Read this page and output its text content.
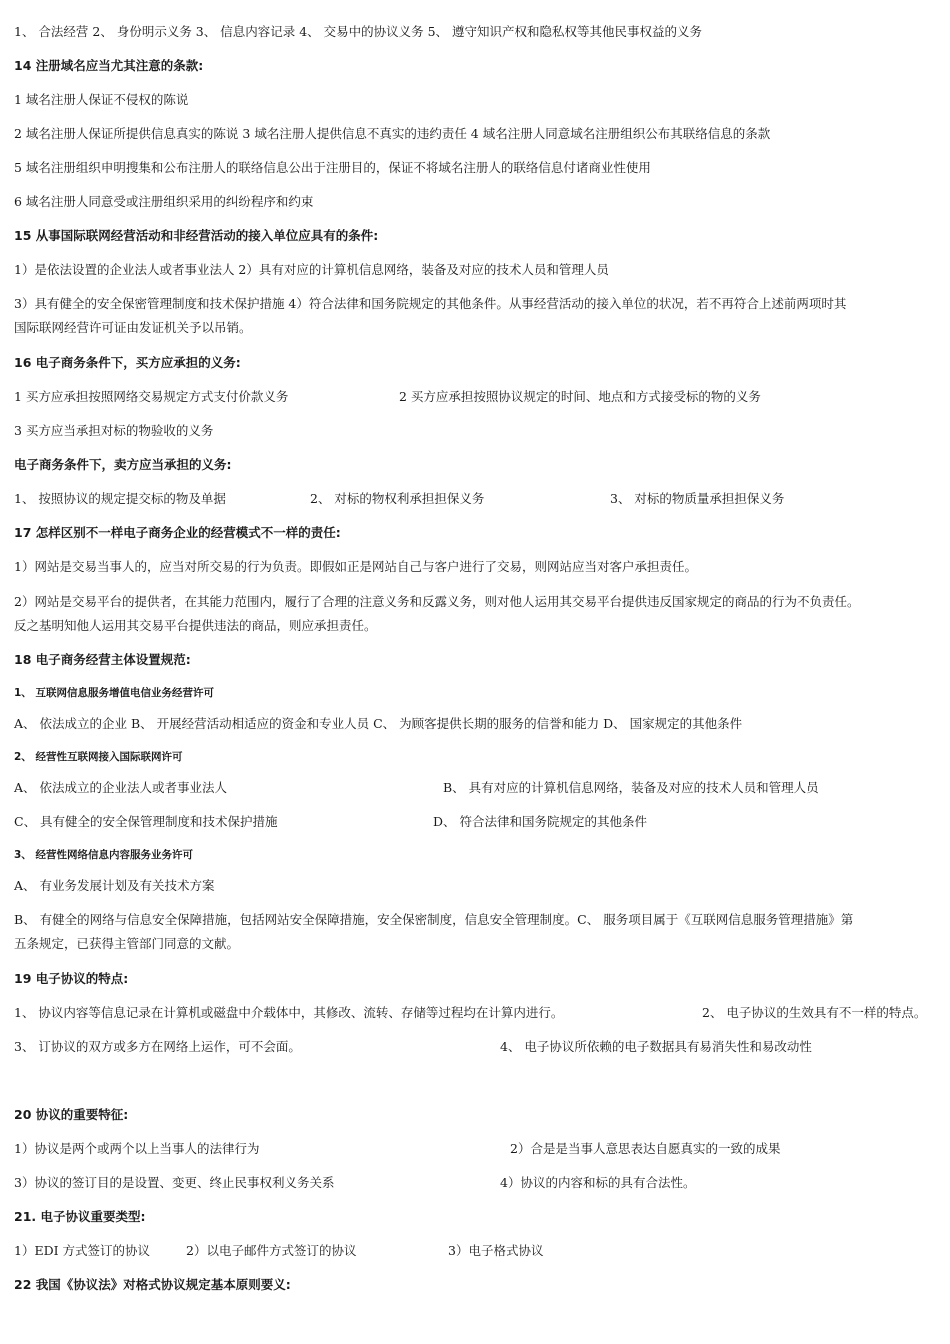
1、 合法经营 2、 身份明示义务 3、 信息内容记录 4、 交易中的协议义务 5、 遵守知识产权和隐私权等其他民事权益的义务
14 注册域名应当尤其注意的条款:
1 域名注册人保证不侵权的陈说
2 域名注册人保证所提供信息真实的陈说 3 域名注册人提供信息不真实的违约责任 4 域名注册人同意域名注册组织公布其联络信息的条款
5 域名注册组织申明搜集和公布注册人的联络信息公出于注册目的，保证不将域名注册人的联络信息付诸商业性使用
6 域名注册人同意受或注册组织采用的纠纷程序和约束
15 从事国际联网经营活动和非经营活动的接入单位应具有的条件:
1）是依法设置的企业法人或者事业法人 2）具有对应的计算机信息网络，装备及对应的技术人员和管理人员
3）具有健全的安全保密管理制度和技术保护措施 4）符合法律和国务院规定的其他条件。从事经营活动的接入单位的状况，若不再符合上述前两项时其
国际联网经营许可证由发证机关予以吊销。
16 电子商务条件下，买方应承担的义务:
1 买方应承担按照网络交易规定方式支付价款义务	2 买方应承担按照协议规定的时间、地点和方式接受标的物的义务
3 买方应当承担对标的物验收的义务
电子商务条件下，卖方应当承担的义务:
1、 按照协议的规定提交标的物及单据	2、 对标的物权利承担担保义务	3、 对标的物质量承担担保义务
17 怎样区别不一样电子商务企业的经营模式不一样的责任:
1）网站是交易当事人的，应当对所交易的行为负责。即假如正是网站自己与客户进行了交易，则网站应当对客户承担责任。
2）网站是交易平台的提供者，在其能力范围内，履行了合理的注意义务和反露义务，则对他人运用其交易平台提供违反国家规定的商品的行为不负责任。
反之基明知他人运用其交易平台提供违法的商品，则应承担责任。
18 电子商务经营主体设置规范:
1、 互联网信息服务增值电信业务经营许可
A、 依法成立的企业 B、 开展经营活动相适应的资金和专业人员 C、 为顾客提供长期的服务的信誉和能力 D、 国家规定的其他条件
2、 经营性互联网接入国际联网许可
A、 依法成立的企业法人或者事业法人	B、 具有对应的计算机信息网络，装备及对应的技术人员和管理人员
C、 具有健全的安全保管理制度和技术保护措施	D、 符合法律和国务院规定的其他条件
3、 经营性网络信息内容服务业务许可
A、 有业务发展计划及有关技术方案
B、 有健全的网络与信息安全保障措施，包括网站安全保障措施，安全保密制度，信息安全管理制度。C、 服务项目属于《互联网信息服务管理措施》第
五条规定，已获得主管部门同意的文献。
19 电子协议的特点:
1、 协议内容等信息记录在计算机或磁盘中介载体中，其修改、流转、存储等过程均在计算内进行。	2、 电子协议的生效具有不一样的特点。
3、 订协议的双方或多方在网络上运作，可不会面。	4、 电子协议所依赖的电子数据具有易消失性和易改动性
20 协议的重要特征:
1）协议是两个或两个以上当事人的法律行为	2）合是是当事人意思表达自愿真实的一致的成果
3）协议的签订目的是设置、变更、终止民事权利义务关系	4）协议的内容和标的具有合法性。
21. 电子协议重要类型:
1）EDI 方式签订的协议	2）以电子邮件方式签订的协议	3）电子格式协议
22 我国《协议法》对格式协议规定基本原则要义:
